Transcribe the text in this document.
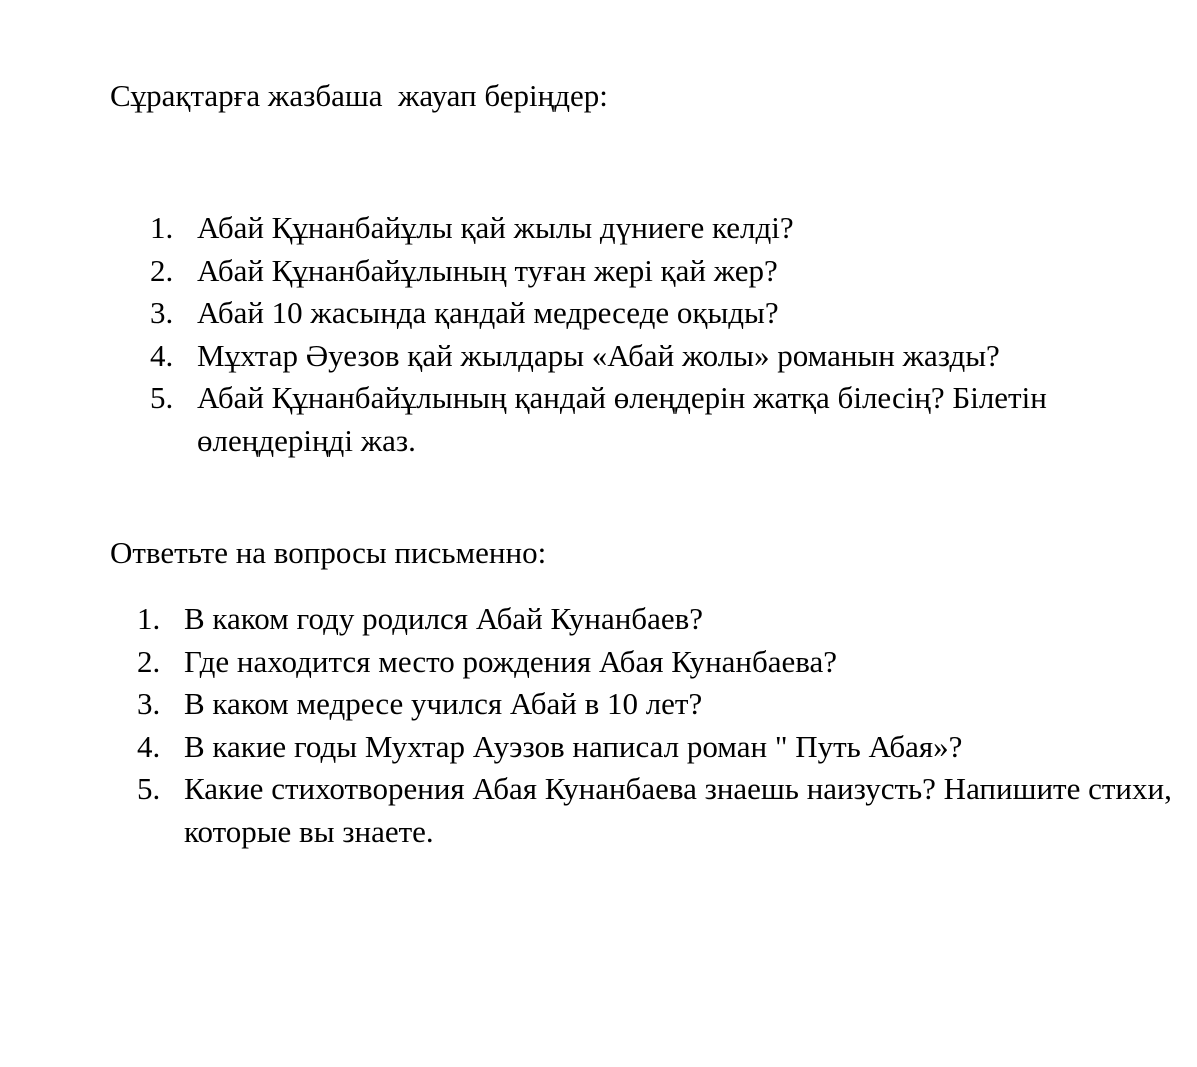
Сұрақтарға жазбаша  жауап беріңдер:
1. Абай Құнанбайұлы қай жылы дүниеге келді?
2. Абай Құнанбайұлының туған жері қай жер?
3. Абай 10 жасында қандай медреседе оқыды?
4. Мұхтар Әуезов қай жылдары «Абай жолы» романын жазды?
5. Абай Құнанбайұлының қандай өлеңдерін жатқа білесің? Білетін өлеңдеріңді жаз.
Ответьте на вопросы письменно:
1. В каком году родился Абай Кунанбаев?
2. Где находится место рождения Абая Кунанбаева?
3. В каком медресе учился Абай в 10 лет?
4. В какие годы Мухтар Ауэзов написал роман " Путь Абая»?
5. Какие стихотворения Абая Кунанбаева знаешь наизусть? Напишите стихи, которые вы знаете.
